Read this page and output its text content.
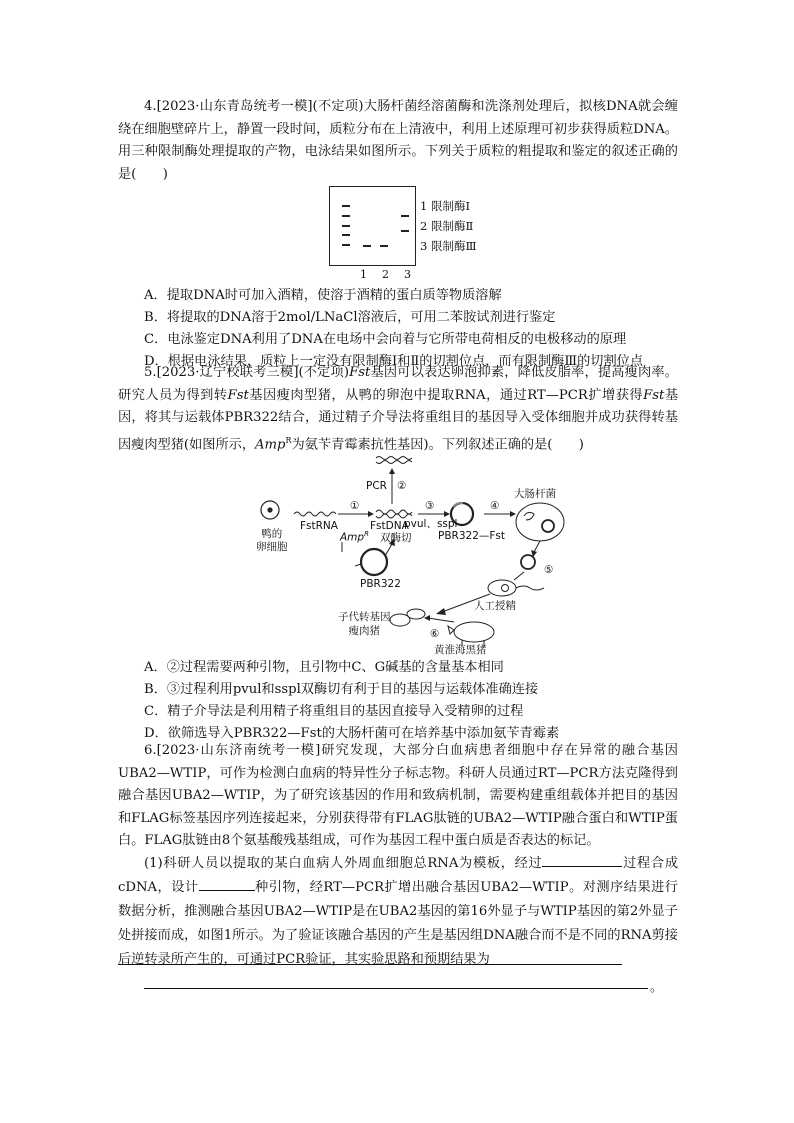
4.[2023·山东青岛统考一模](不定项)大肠杆菌经溶菌酶和洗涤剂处理后，拟核DNA就会缠绕在细胞壁碎片上，静置一段时间，质粒分布在上清液中，利用上述原理可初步获得质粒DNA。用三种限制酶处理提取的产物，电泳结果如图所示。下列关于质粒的粗提取和鉴定的叙述正确的是(　　)

1 2 3
1 限制酶Ⅰ
2 限制酶Ⅱ
3 限制酶Ⅲ

A．提取DNA时可加入酒精，使溶于酒精的蛋白质等物质溶解

B．将提取的DNA溶于2mol/LNaCl溶液后，可用二苯胺试剂进行鉴定

C．电泳鉴定DNA利用了DNA在电场中会向着与它所带电荷相反的电极移动的原理

D．根据电泳结果，质粒上一定没有限制酶Ⅰ和Ⅱ的切割位点，而有限制酶Ⅲ的切割位点

5.[2023·辽宁校联考三模](不定项)Fst基因可以表达卵泡抑素，降低皮脂率，提高瘦肉率。研究人员为得到转Fst基因瘦肉型猪，从鸭的卵泡中提取RNA，通过RT—PCR扩增获得Fst基因，将其与运载体PBR322结合，通过精子介导法将重组目的基因导入受体细胞并成功获得转基因瘦肉型猪(如图所示，Amp$^R$为氨苄青霉素抗性基因)。下列叙述正确的是(　　)

鸭的
卵细胞
FstRNA
①
PCR ②
FstDNA
③
pvul、sspl
双酶切	PBR322—Fst
④
大肠杆菌
Amp$^R$
PBR322
⑤
人工授精
⑥
子代转基因
瘦肉猪
黄淮海黑猪

A．②过程需要两种引物，且引物中C、G碱基的含量基本相同

B．③过程利用pvul和sspl双酶切有利于目的基因与运载体准确连接

C．精子介导法是利用精子将重组目的基因直接导入受精卵的过程

D．欲筛选导入PBR322—Fst的大肠杆菌可在培养基中添加氨苄青霉素

6.[2023·山东济南统考一模]研究发现，大部分白血病患者细胞中存在异常的融合基因UBA2—WTIP，可作为检测白血病的特异性分子标志物。科研人员通过RT—PCR方法克隆得到融合基因UBA2—WTIP，为了研究该基因的作用和致病机制，需要构建重组载体并把目的基因和FLAG标签基因序列连接起来，分别获得带有FLAG肽链的UBA2—WTIP融合蛋白和WTIP蛋白。FLAG肽链由8个氨基酸残基组成，可作为基因工程中蛋白质是否表达的标记。

(1)科研人员以提取的某白血病人外周血细胞总RNA为模板，经过	过程合成cDNA，设计	种引物，经RT—PCR扩增出融合基因UBA2—WTIP。对测序结果进行数据分析，推测融合基因UBA2—WTIP是在UBA2基因的第16外显子与WTIP基因的第2外显子处拼接而成，如图1所示。为了验证该融合基因的产生是基因组DNA融合而不是不同的RNA剪接后逆转录所产生的，可通过PCR验证，其实验思路和预期结果为

。
